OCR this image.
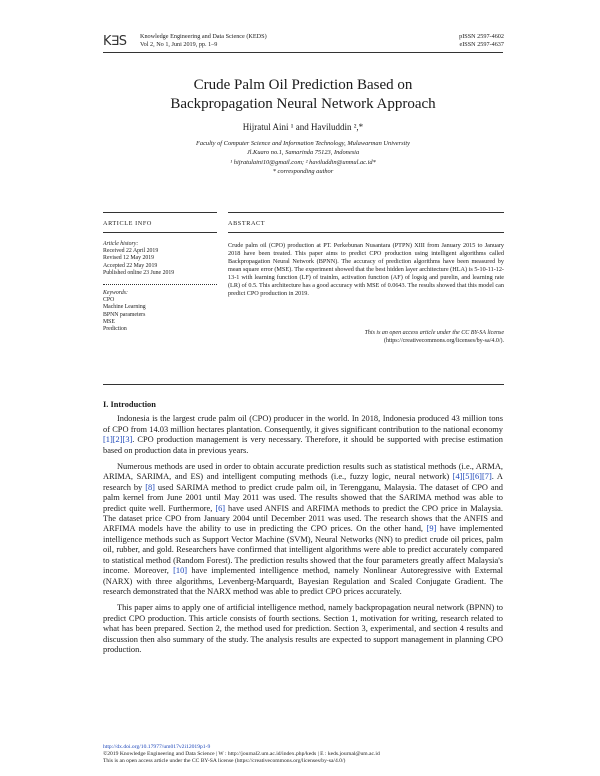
K∃S Knowledge Engineering and Data Science (KEDS)
Vol 2, No 1, Juni 2019, pp. 1–9
pISSN 2597-4602
eISSN 2597-4637
Crude Palm Oil Prediction Based on
Backpropagation Neural Network Approach
Hijratul Aini ¹ and Haviluddin ²,*
Faculty of Computer Science and Information Technology, Mulawarman University
Jl.Kuaro no.1, Samarinda 75123, Indonesia
¹ hijratulaini10@gmail.com; ² haviluddin@unmul.ac.id*
* corresponding author
ARTICLE INFO	ABSTRACT
Article history:
Received 22 April 2019
Revised 12 May 2019
Accepted 22 May 2019
Published online 23 June 2019
Keywords:
CPO
Machine Learning
BPNN parameters
MSE
Prediction
Crude palm oil (CPO) production at PT. Perkebunan Nusantara (PTPN) XIII from January 2015 to January 2018 have been treated. This paper aims to predict CPO production using intelligent algorithms called Backpropagation Neural Network (BPNN). The accuracy of prediction algorithms have been measured by mean square error (MSE). The experiment showed that the best hidden layer architecture (HLA) is 5-10-11-12-13-1 with learning function (LF) of trainlm, activation function (AF) of logsig and purelin, and learning rate (LR) of 0.5. This architecture has a good accuracy with MSE of 0.0643. The results showed that this model can predict CPO production in 2019.
This is an open access article under the CC BY-SA license
(https://creativecommons.org/licenses/by-sa/4.0/).
I. Introduction

Indonesia is the largest crude palm oil (CPO) producer in the world. In 2018, Indonesia produced 43 million tons of CPO from 14.03 million hectares plantation. Consequently, it gives significant contribution to the national economy [1][2][3]. CPO production management is very necessary. Therefore, it should be supported with precise estimation based on production data in previous years.

Numerous methods are used in order to obtain accurate prediction results such as statistical methods (i.e., ARMA, ARIMA, SARIMA, and ES) and intelligent computing methods (i.e., fuzzy logic, neural network) [4][5][6][7]. A research by [8] used SARIMA method to predict crude palm oil, in Terengganu, Malaysia. The dataset of CPO and palm kernel from June 2001 until May 2011 was used. The results showed that the SARIMA method was able to predict quite well. Furthermore, [6] have used ANFIS and ARFIMA methods to predict the CPO price in Malaysia. The dataset price CPO from January 2004 until December 2011 was used. The research shows that the ANFIS and ARFIMA models have the ability to use in predicting the CPO prices. On the other hand, [9] have implemented intelligence methods such as Support Vector Machine (SVM), Neural Networks (NN) to predict crude oil prices, palm oil, rubber, and gold. Researchers have confirmed that intelligent algorithms were able to predict accurately compared to statistical method (Random Forest). The prediction results showed that the four parameters greatly affect Malaysia's income. Moreover, [10] have implemented intelligence method, namely Nonlinear Autoregressive with External (NARX) with three algorithms, Levenberg-Marquardt, Bayesian Regulation and Scaled Conjugate Gradient. The research demonstrated that the NARX method was able to predict CPO prices accurately.

This paper aims to apply one of artificial intelligence method, namely backpropagation neural network (BPNN) to predict CPO production. This article consists of fourth sections. Section 1, motivation for writing, research related to what has been prepared. Section 2, the method used for prediction. Section 3, experimental, and section 4 results and discussion then also summary of the study. The analysis results are expected to support management in planning CPO production.

http://dx.doi.org/10.17977/um017v2i12019p1-9
©2019 Knowledge Engineering and Data Science | W : http://journal2.um.ac.id/index.php/keds | E : keds.journal@um.ac.id
This is an open access article under the CC BY-SA license (https://creativecommons.org/licenses/by-sa/4.0/)
